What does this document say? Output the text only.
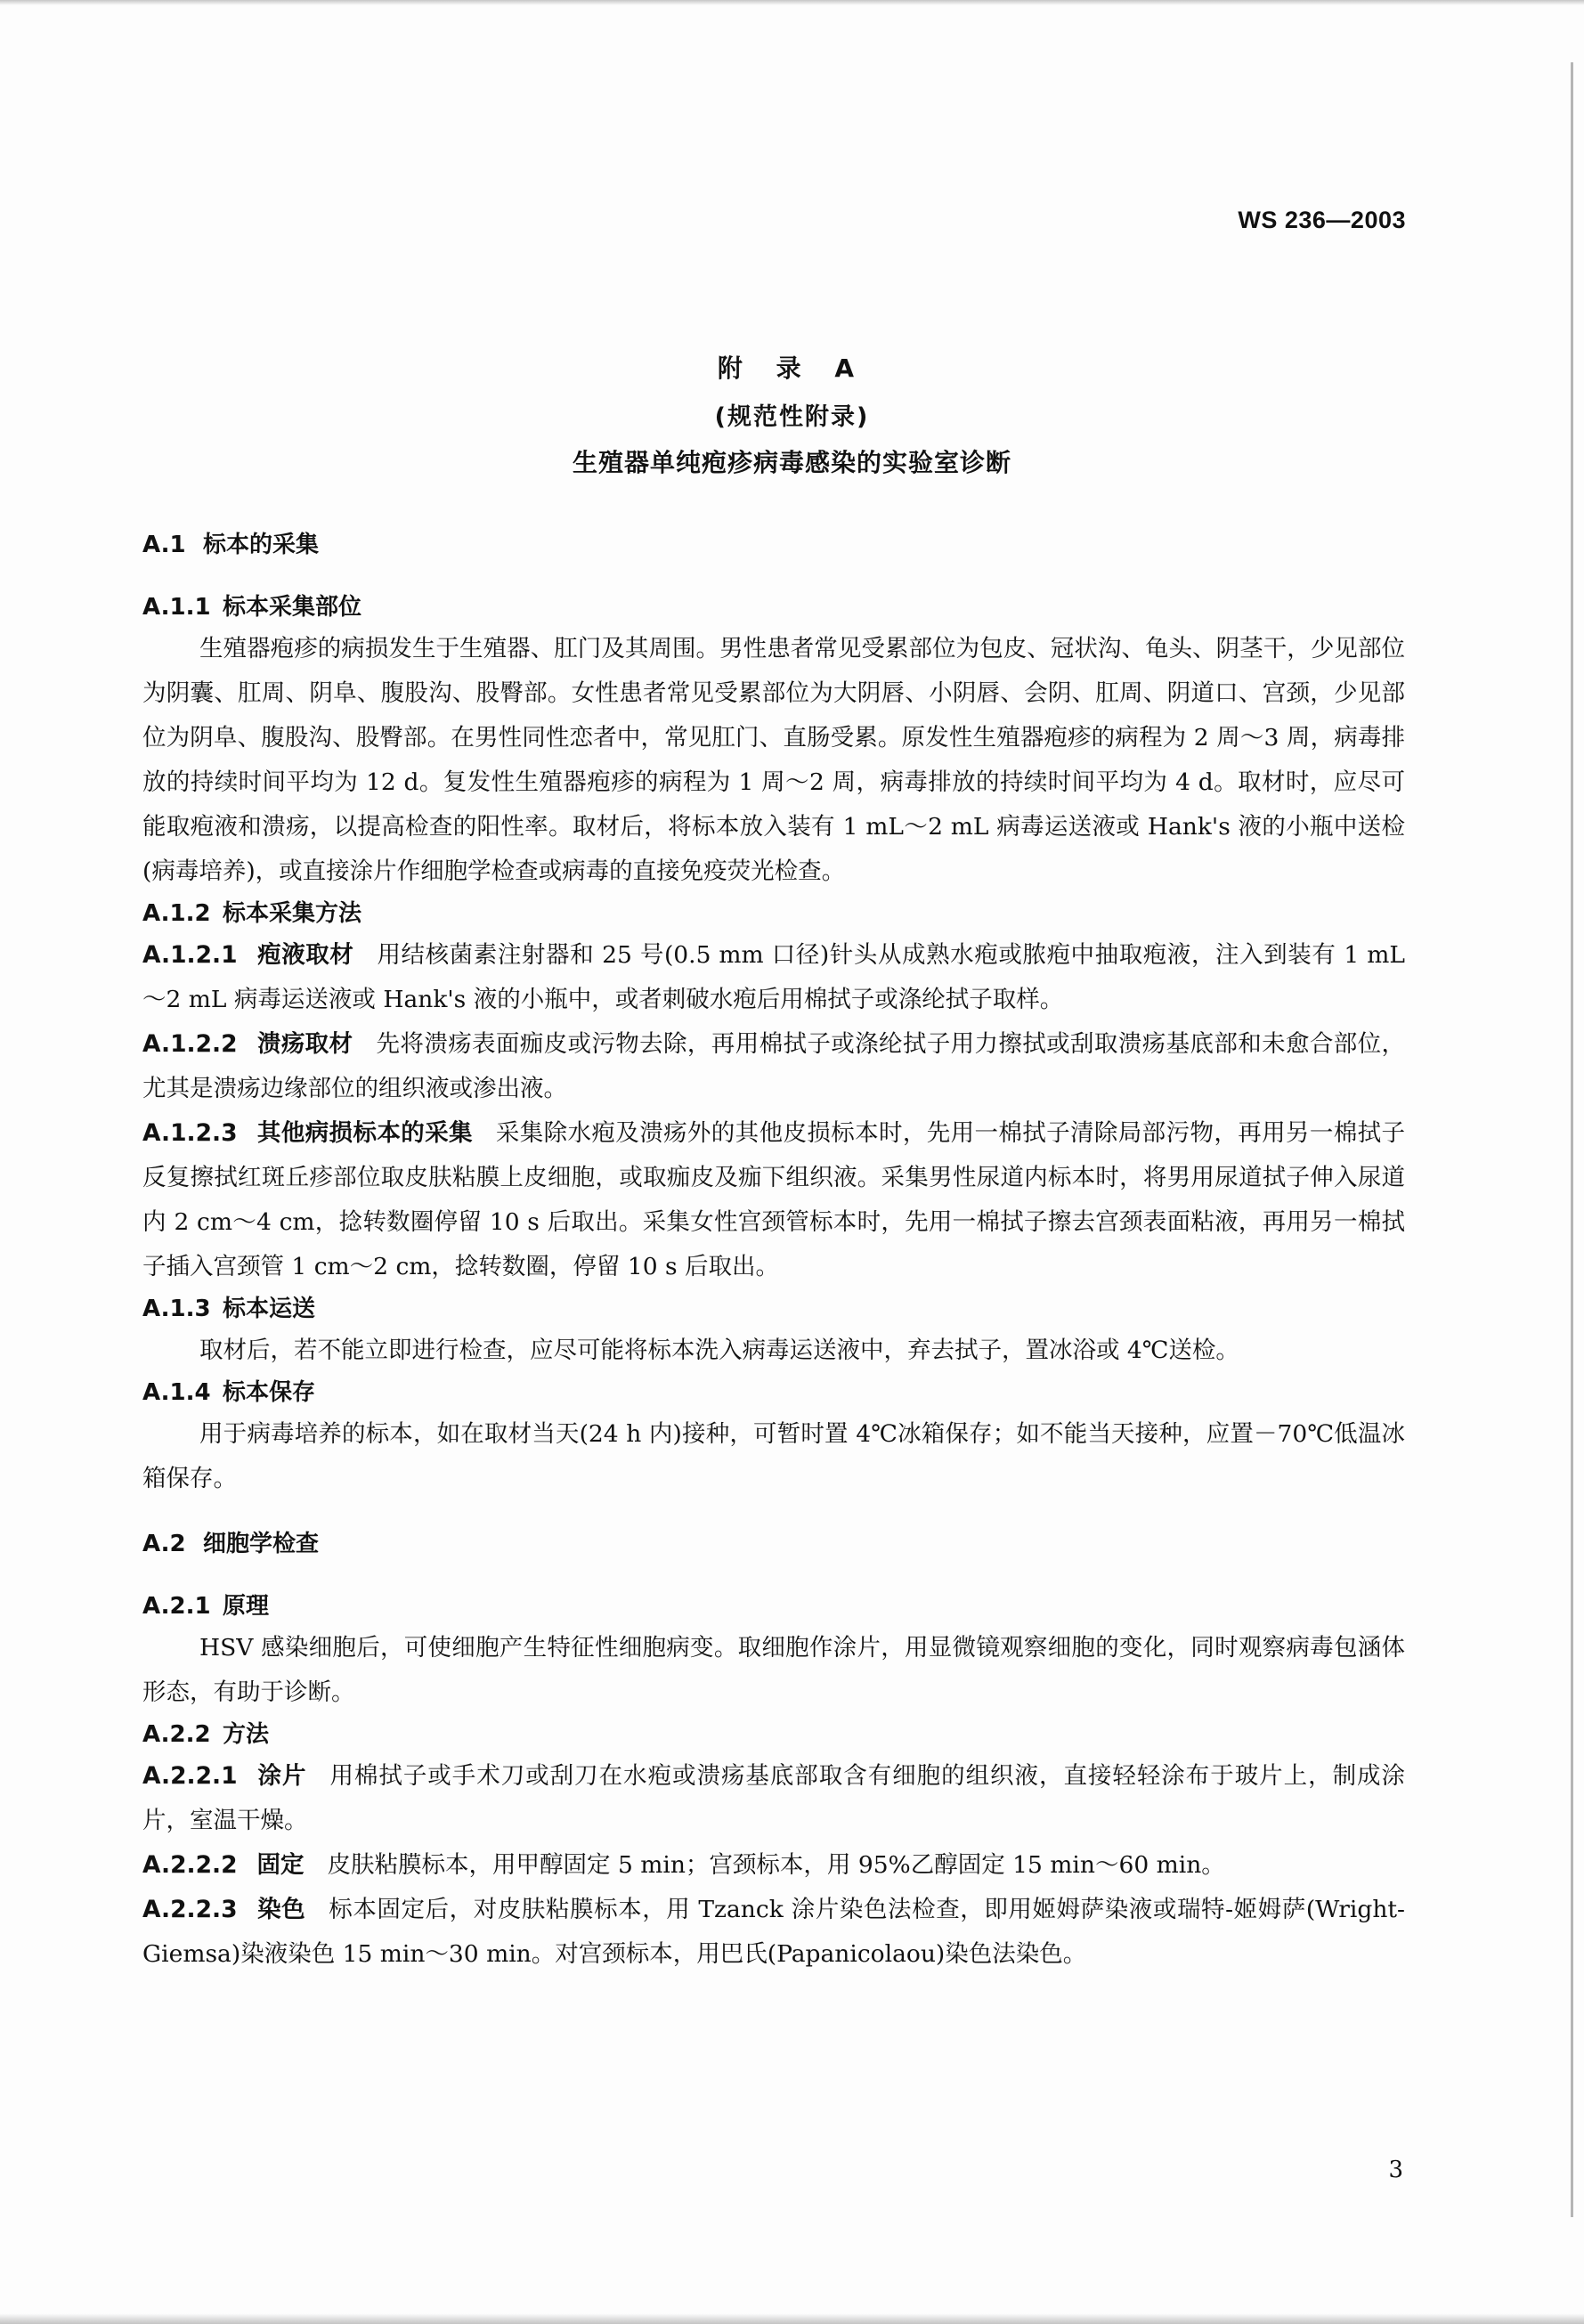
WS 236—2003
附 录 A
(规范性附录)
生殖器单纯疱疹病毒感染的实验室诊断
A.1 标本的采集
A.1.1 标本采集部位

生殖器疱疹的病损发生于生殖器、肛门及其周围。男性患者常见受累部位为包皮、冠状沟、龟头、阴茎干，少见部位为阴囊、肛周、阴阜、腹股沟、股臀部。女性患者常见受累部位为大阴唇、小阴唇、会阴、肛周、阴道口、宫颈，少见部位为阴阜、腹股沟、股臀部。在男性同性恋者中，常见肛门、直肠受累。原发性生殖器疱疹的病程为 2 周～3 周，病毒排放的持续时间平均为 12 d。复发性生殖器疱疹的病程为 1 周～2 周，病毒排放的持续时间平均为 4 d。取材时，应尽可能取疱液和溃疡，以提高检查的阳性率。取材后，将标本放入装有 1 mL～2 mL 病毒运送液或 Hank's 液的小瓶中送检(病毒培养)，或直接涂片作细胞学检查或病毒的直接免疫荧光检查。

A.1.2 标本采集方法

A.1.2.1 疱液取材 用结核菌素注射器和 25 号(0.5 mm 口径)针头从成熟水疱或脓疱中抽取疱液，注入到装有 1 mL～2 mL 病毒运送液或 Hank's 液的小瓶中，或者刺破水疱后用棉拭子或涤纶拭子取样。

A.1.2.2 溃疡取材 先将溃疡表面痂皮或污物去除，再用棉拭子或涤纶拭子用力擦拭或刮取溃疡基底部和未愈合部位，尤其是溃疡边缘部位的组织液或渗出液。

A.1.2.3 其他病损标本的采集 采集除水疱及溃疡外的其他皮损标本时，先用一棉拭子清除局部污物，再用另一棉拭子反复擦拭红斑丘疹部位取皮肤粘膜上皮细胞，或取痂皮及痂下组织液。采集男性尿道内标本时，将男用尿道拭子伸入尿道内 2 cm～4 cm，捻转数圈停留 10 s 后取出。采集女性宫颈管标本时，先用一棉拭子擦去宫颈表面粘液，再用另一棉拭子插入宫颈管 1 cm～2 cm，捻转数圈，停留 10 s 后取出。

A.1.3 标本运送

取材后，若不能立即进行检查，应尽可能将标本洗入病毒运送液中，弃去拭子，置冰浴或 4℃送检。

A.1.4 标本保存

用于病毒培养的标本，如在取材当天(24 h 内)接种，可暂时置 4℃冰箱保存；如不能当天接种，应置－70℃低温冰箱保存。

A.2 细胞学检查
A.2.1 原理

HSV 感染细胞后，可使细胞产生特征性细胞病变。取细胞作涂片，用显微镜观察细胞的变化，同时观察病毒包涵体形态，有助于诊断。

A.2.2 方法

A.2.2.1 涂片 用棉拭子或手术刀或刮刀在水疱或溃疡基底部取含有细胞的组织液，直接轻轻涂布于玻片上，制成涂片，室温干燥。

A.2.2.2 固定 皮肤粘膜标本，用甲醇固定 5 min；宫颈标本，用 95%乙醇固定 15 min～60 min。

A.2.2.3 染色 标本固定后，对皮肤粘膜标本，用 Tzanck 涂片染色法检查，即用姬姆萨染液或瑞特-姬姆萨(Wright-Giemsa)染液染色 15 min～30 min。对宫颈标本，用巴氏(Papanicolaou)染色法染色。

3
